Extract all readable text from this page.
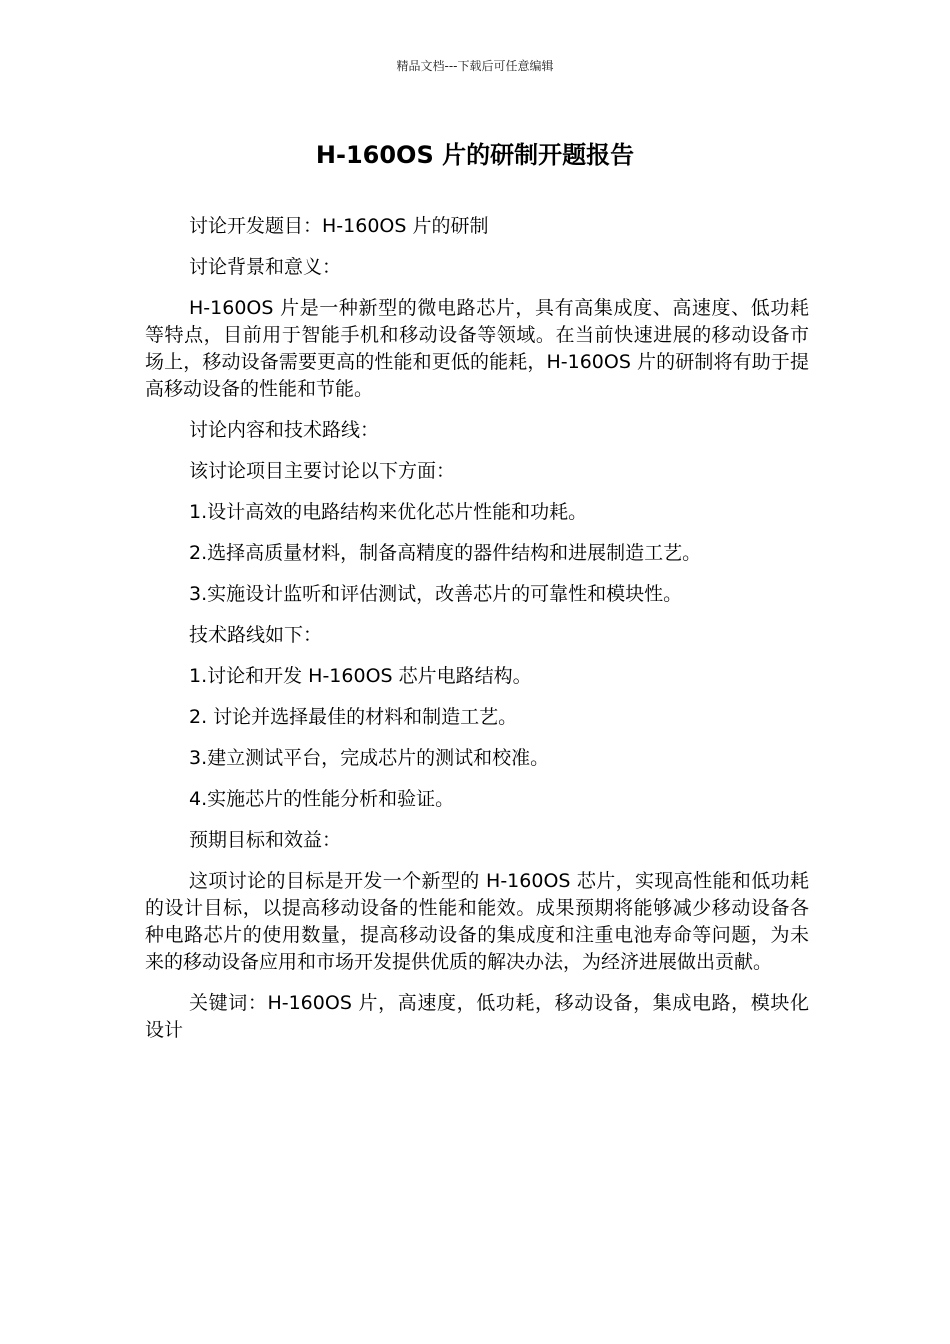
精品文档---下载后可任意编辑
H-160OS 片的研制开题报告

讨论开发题目：H-160OS 片的研制

讨论背景和意义：

H-160OS 片是一种新型的微电路芯片，具有高集成度、高速度、低功耗等特点，目前用于智能手机和移动设备等领域。在当前快速进展的移动设备市场上，移动设备需要更高的性能和更低的能耗，H-160OS 片的研制将有助于提高移动设备的性能和节能。

讨论内容和技术路线：

该讨论项目主要讨论以下方面：

1.设计高效的电路结构来优化芯片性能和功耗。

2.选择高质量材料，制备高精度的器件结构和进展制造工艺。

3.实施设计监听和评估测试，改善芯片的可靠性和模块性。

技术路线如下：

1.讨论和开发 H-160OS 芯片电路结构。

2. 讨论并选择最佳的材料和制造工艺。

3.建立测试平台，完成芯片的测试和校准。

4.实施芯片的性能分析和验证。

预期目标和效益：

这项讨论的目标是开发一个新型的 H-160OS 芯片，实现高性能和低功耗的设计目标，以提高移动设备的性能和能效。成果预期将能够减少移动设备各种电路芯片的使用数量，提高移动设备的集成度和注重电池寿命等问题，为未来的移动设备应用和市场开发提供优质的解决办法，为经济进展做出贡献。

关键词：H-160OS 片，高速度，低功耗，移动设备，集成电路，模块化设计
